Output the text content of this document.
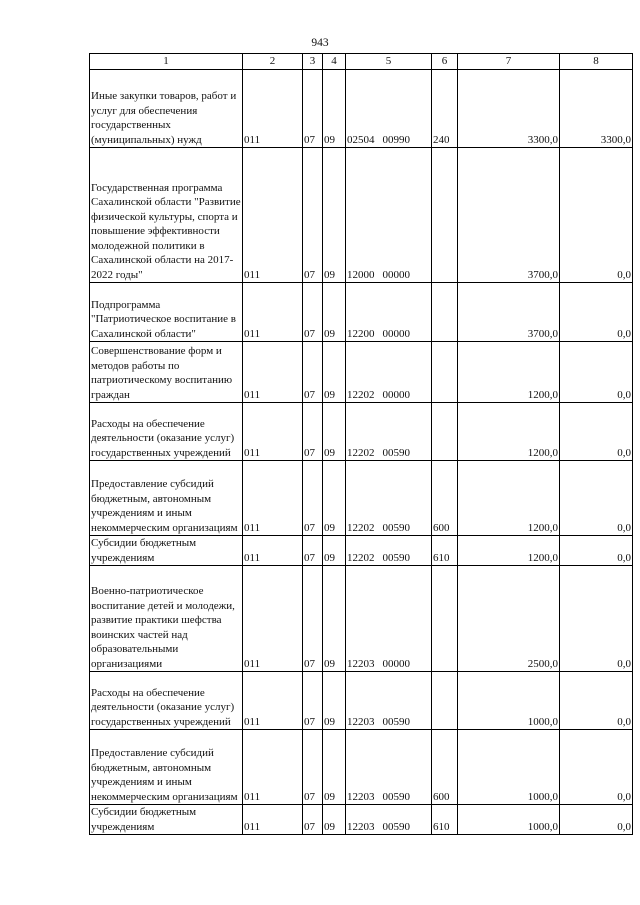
943
1	2	3	4	5	6	7	8
Иные закупки товаров, работ и услуг для обеспечения государственных (муниципальных) нужд	011	07	09	02504 00990	240	3300,0	3300,0
Государственная программа Сахалинской области "Развитие физической культуры, спорта и повышение эффективности молодежной политики в Сахалинской области на 2017-2022 годы"	011	07	09	12000 00000		3700,0	0,0
Подпрограмма "Патриотическое воспитание в Сахалинской области"	011	07	09	12200 00000		3700,0	0,0
Совершенствование форм и методов работы по патриотическому воспитанию граждан	011	07	09	12202 00000		1200,0	0,0
Расходы на обеспечение деятельности (оказание услуг) государственных учреждений	011	07	09	12202 00590		1200,0	0,0
Предоставление субсидий бюджетным, автономным учреждениям и иным некоммерческим организациям	011	07	09	12202 00590	600	1200,0	0,0
Субсидии бюджетным учреждениям	011	07	09	12202 00590	610	1200,0	0,0
Военно-патриотическое воспитание детей и молодежи, развитие практики шефства воинских частей над образовательными организациями	011	07	09	12203 00000		2500,0	0,0
Расходы на обеспечение деятельности (оказание услуг) государственных учреждений	011	07	09	12203 00590		1000,0	0,0
Предоставление субсидий бюджетным, автономным учреждениям и иным некоммерческим организациям	011	07	09	12203 00590	600	1000,0	0,0
Субсидии бюджетным учреждениям	011	07	09	12203 00590	610	1000,0	0,0
